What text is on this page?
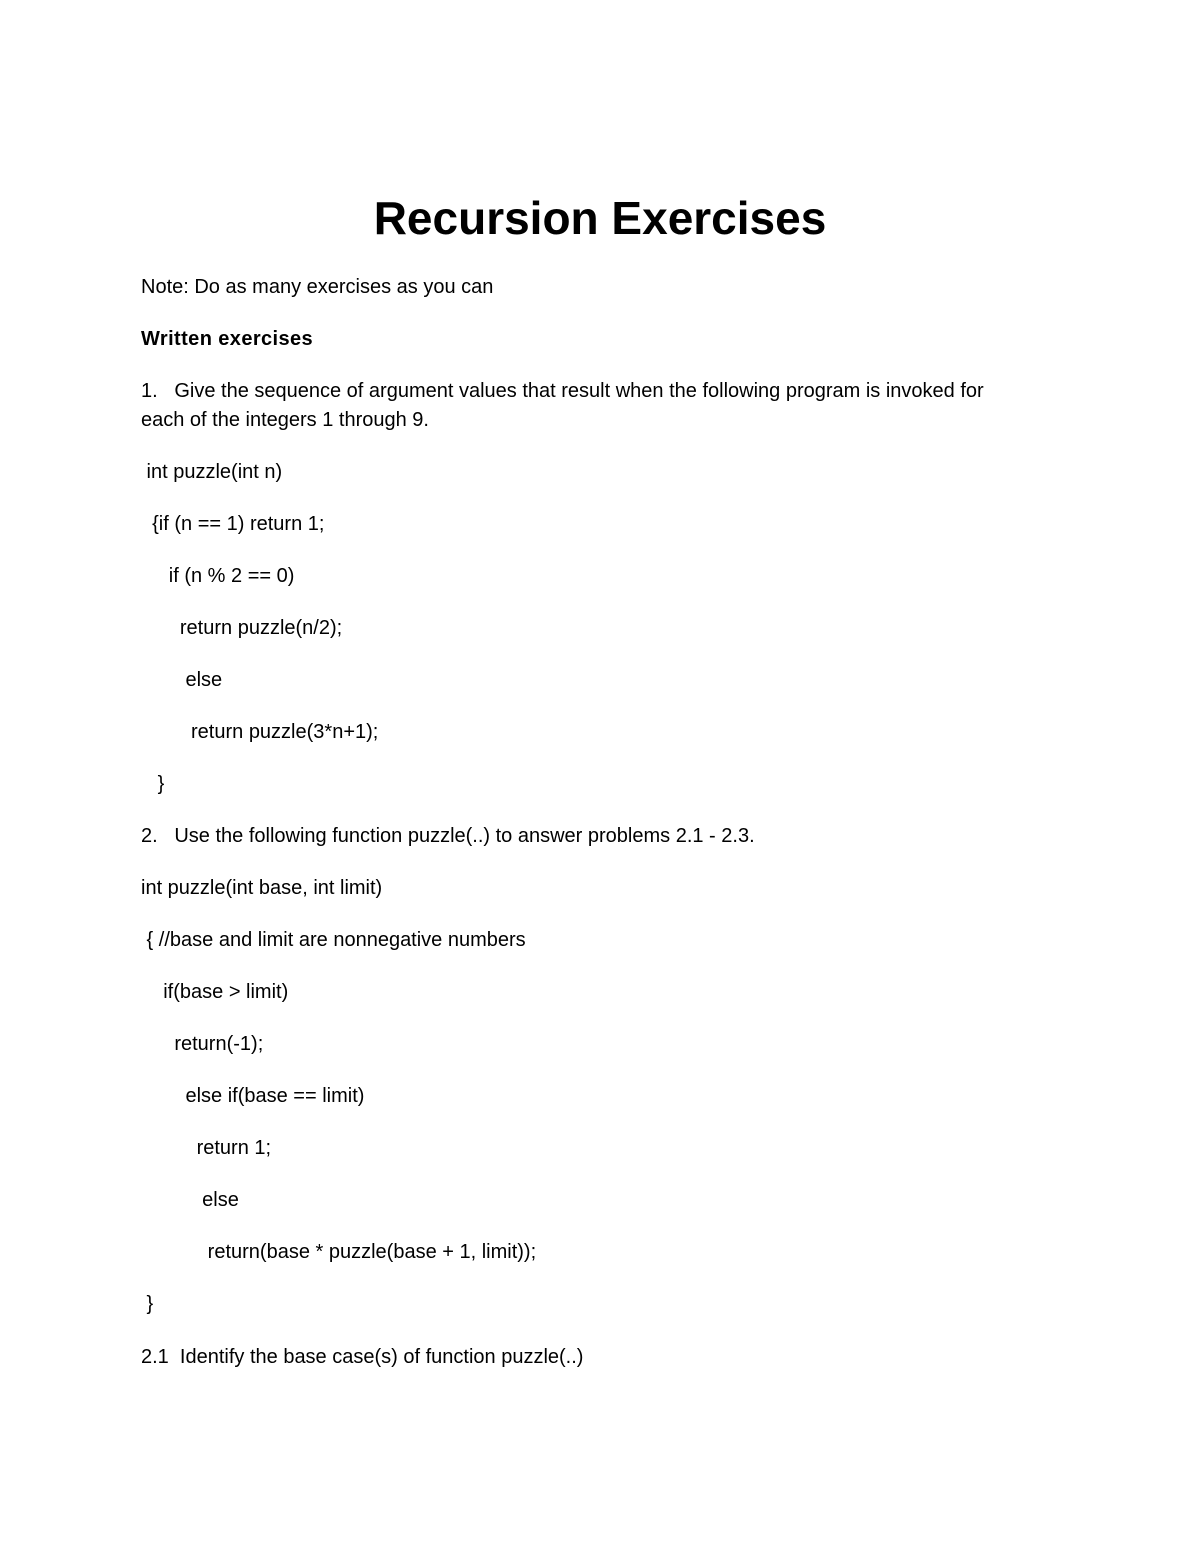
Recursion Exercises
Note: Do as many exercises as you can
Written exercises
1.   Give the sequence of argument values that result when the following program is invoked for
each of the integers 1 through 9.
int puzzle(int n)
{if (n == 1) return 1;
if (n % 2 == 0)
return puzzle(n/2);
else
return puzzle(3*n+1);
}
2.   Use the following function puzzle(..) to answer problems 2.1 - 2.3.
int puzzle(int base, int limit)
{ //base and limit are nonnegative numbers
if(base > limit)
return(-1);
else if(base == limit)
return 1;
else
return(base * puzzle(base + 1, limit));
}
2.1  Identify the base case(s) of function puzzle(..)
